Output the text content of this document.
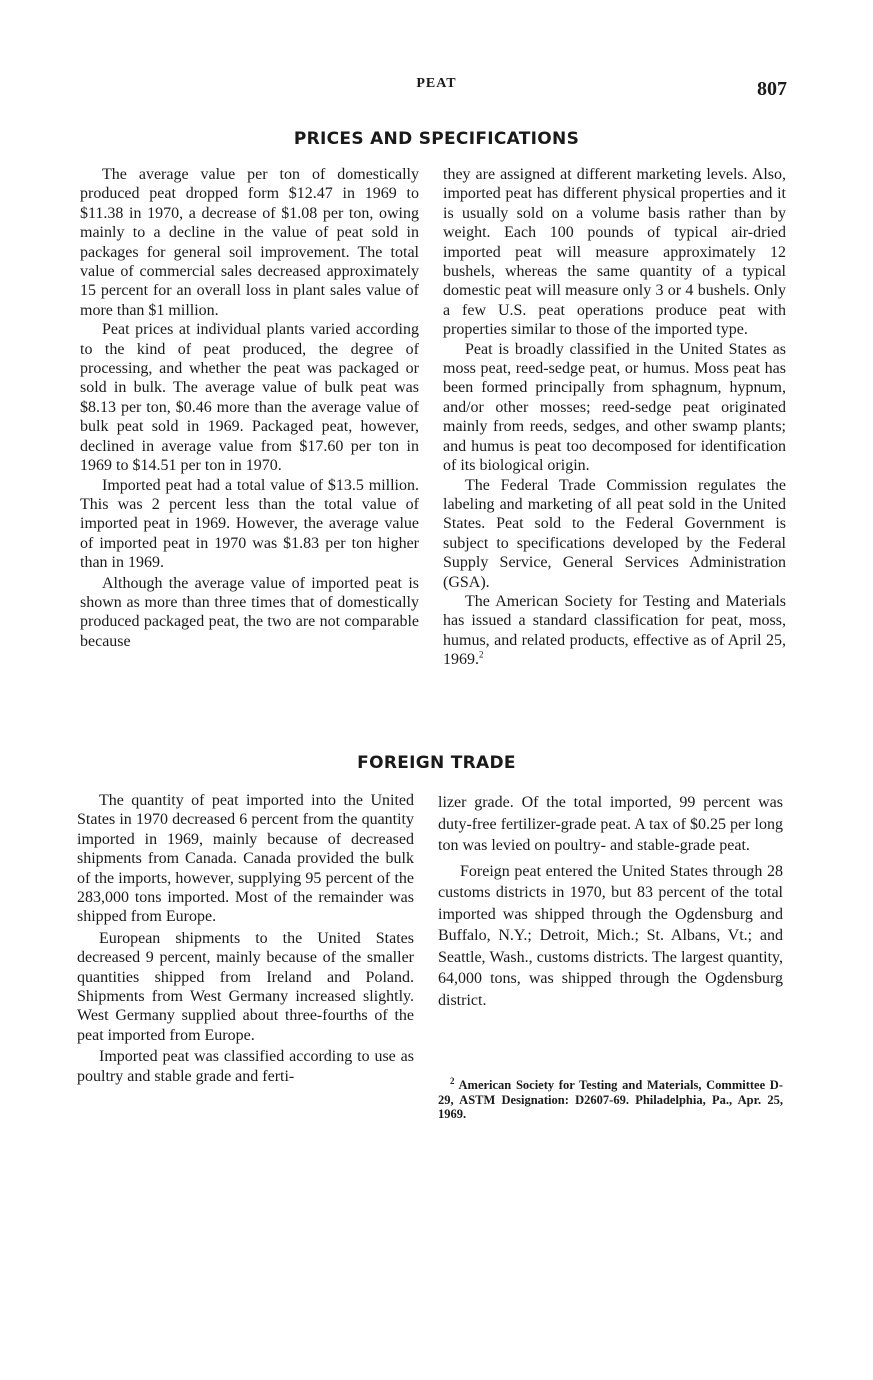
PEAT	807
PRICES AND SPECIFICATIONS

The average value per ton of domestically produced peat dropped form $12.47 in 1969 to $11.38 in 1970, a decrease of $1.08 per ton, owing mainly to a decline in the value of peat sold in packages for general soil improvement. The total value of commercial sales decreased approximately 15 percent for an overall loss in plant sales value of more than $1 million.

Peat prices at individual plants varied according to the kind of peat produced, the degree of processing, and whether the peat was packaged or sold in bulk. The average value of bulk peat was $8.13 per ton, $0.46 more than the average value of bulk peat sold in 1969. Packaged peat, however, declined in average value from $17.60 per ton in 1969 to $14.51 per ton in 1970.

Imported peat had a total value of $13.5 million. This was 2 percent less than the total value of imported peat in 1969. However, the average value of imported peat in 1970 was $1.83 per ton higher than in 1969.

Although the average value of imported peat is shown as more than three times that of domestically produced packaged peat, the two are not comparable because

they are assigned at different marketing levels. Also, imported peat has different physical properties and it is usually sold on a volume basis rather than by weight. Each 100 pounds of typical air-dried imported peat will measure approximately 12 bushels, whereas the same quantity of a typical domestic peat will measure only 3 or 4 bushels. Only a few U.S. peat operations produce peat with properties similar to those of the imported type.

Peat is broadly classified in the United States as moss peat, reed-sedge peat, or humus. Moss peat has been formed principally from sphagnum, hypnum, and/or other mosses; reed-sedge peat originated mainly from reeds, sedges, and other swamp plants; and humus is peat too decomposed for identification of its biological origin.

The Federal Trade Commission regulates the labeling and marketing of all peat sold in the United States. Peat sold to the Federal Government is subject to specifications developed by the Federal Supply Service, General Services Administration (GSA).

The American Society for Testing and Materials has issued a standard classification for peat, moss, humus, and related products, effective as of April 25, 1969.$^2$

FOREIGN TRADE

The quantity of peat imported into the United States in 1970 decreased 6 percent from the quantity imported in 1969, mainly because of decreased shipments from Canada. Canada provided the bulk of the imports, however, supplying 95 percent of the 283,000 tons imported. Most of the remainder was shipped from Europe.

European shipments to the United States decreased 9 percent, mainly because of the smaller quantities shipped from Ireland and Poland. Shipments from West Germany increased slightly. West Germany supplied about three-fourths of the peat imported from Europe.

Imported peat was classified according to use as poultry and stable grade and ferti-

lizer grade. Of the total imported, 99 percent was duty-free fertilizer-grade peat. A tax of $0.25 per long ton was levied on poultry- and stable-grade peat.

Foreign peat entered the United States through 28 customs districts in 1970, but 83 percent of the total imported was shipped through the Ogdensburg and Buffalo, N.Y.; Detroit, Mich.; St. Albans, Vt.; and Seattle, Wash., customs districts. The largest quantity, 64,000 tons, was shipped through the Ogdensburg district.

$^2$ American Society for Testing and Materials, Committee D-29, ASTM Designation: D2607-69. Philadelphia, Pa., Apr. 25, 1969.
